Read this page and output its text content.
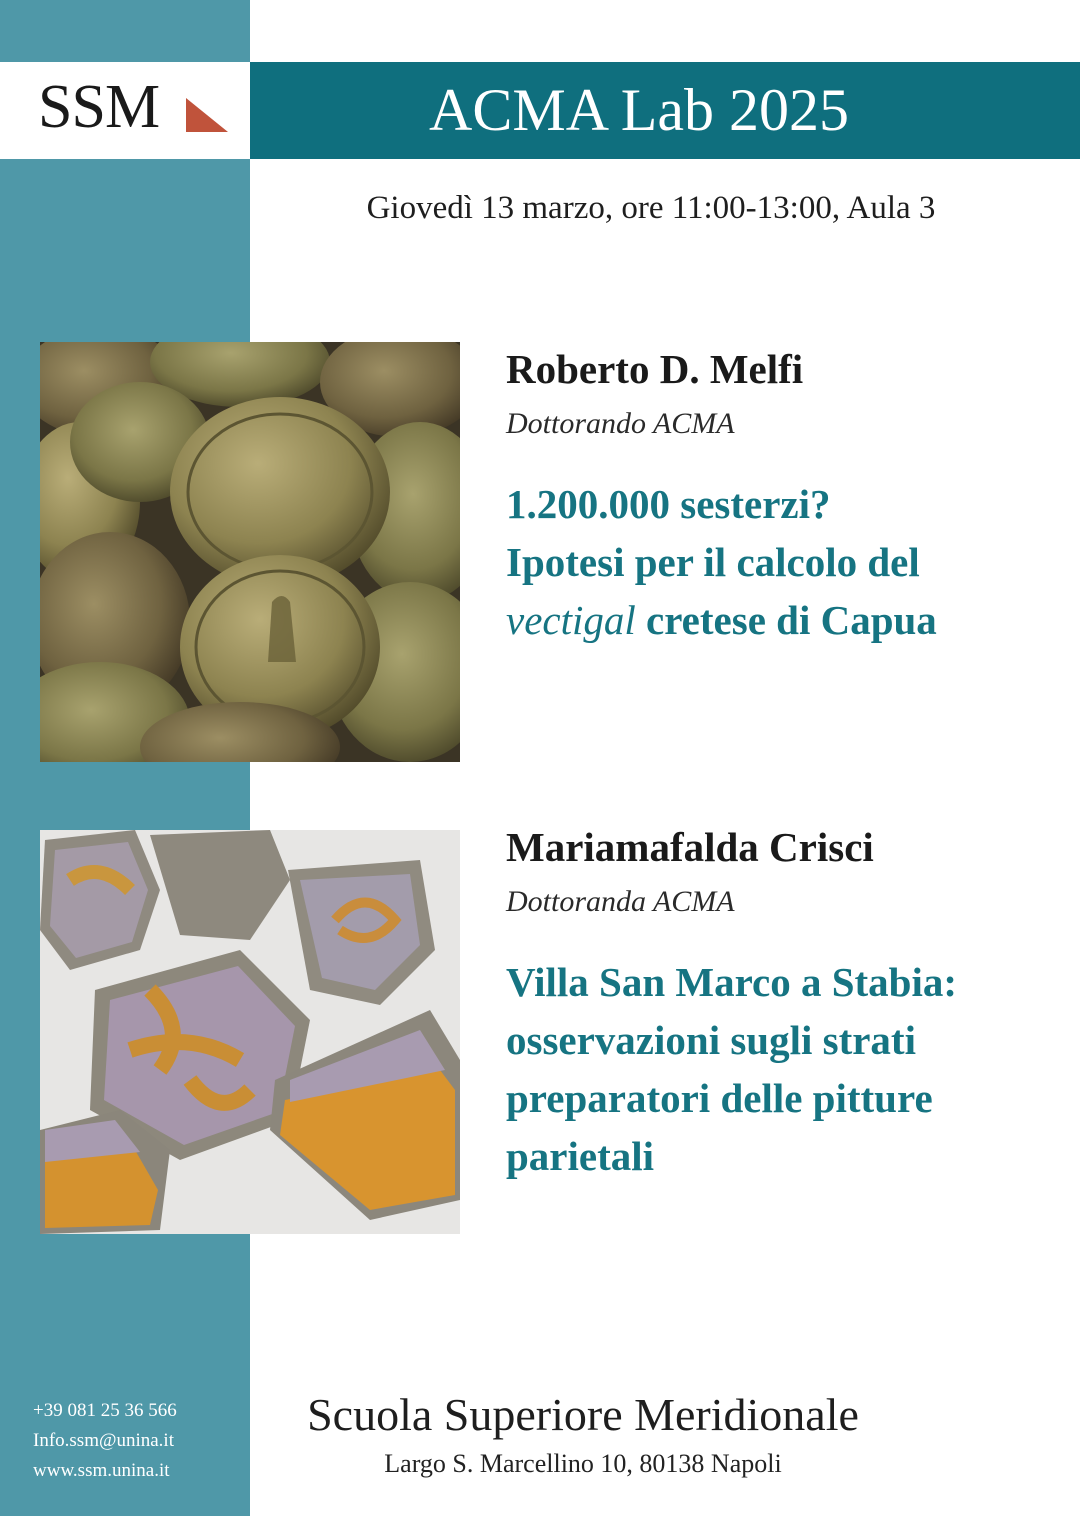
SSM	ACMA Lab 2025
Giovedì 13 marzo, ore 11:00-13:00, Aula 3

Roberto D. Melfi

Dottorando ACMA

1.200.000 sesterzi?
Ipotesi per il calcolo del
vectigal cretese di Capua

Mariamafalda Crisci

Dottoranda ACMA

Villa San Marco a Stabia:
osservazioni sugli strati
preparatori delle pitture
parietali

+39 081 25 36 566
Info.ssm@unina.it
www.ssm.unina.it
Scuola Superiore Meridionale
Largo S. Marcellino 10, 80138 Napoli
